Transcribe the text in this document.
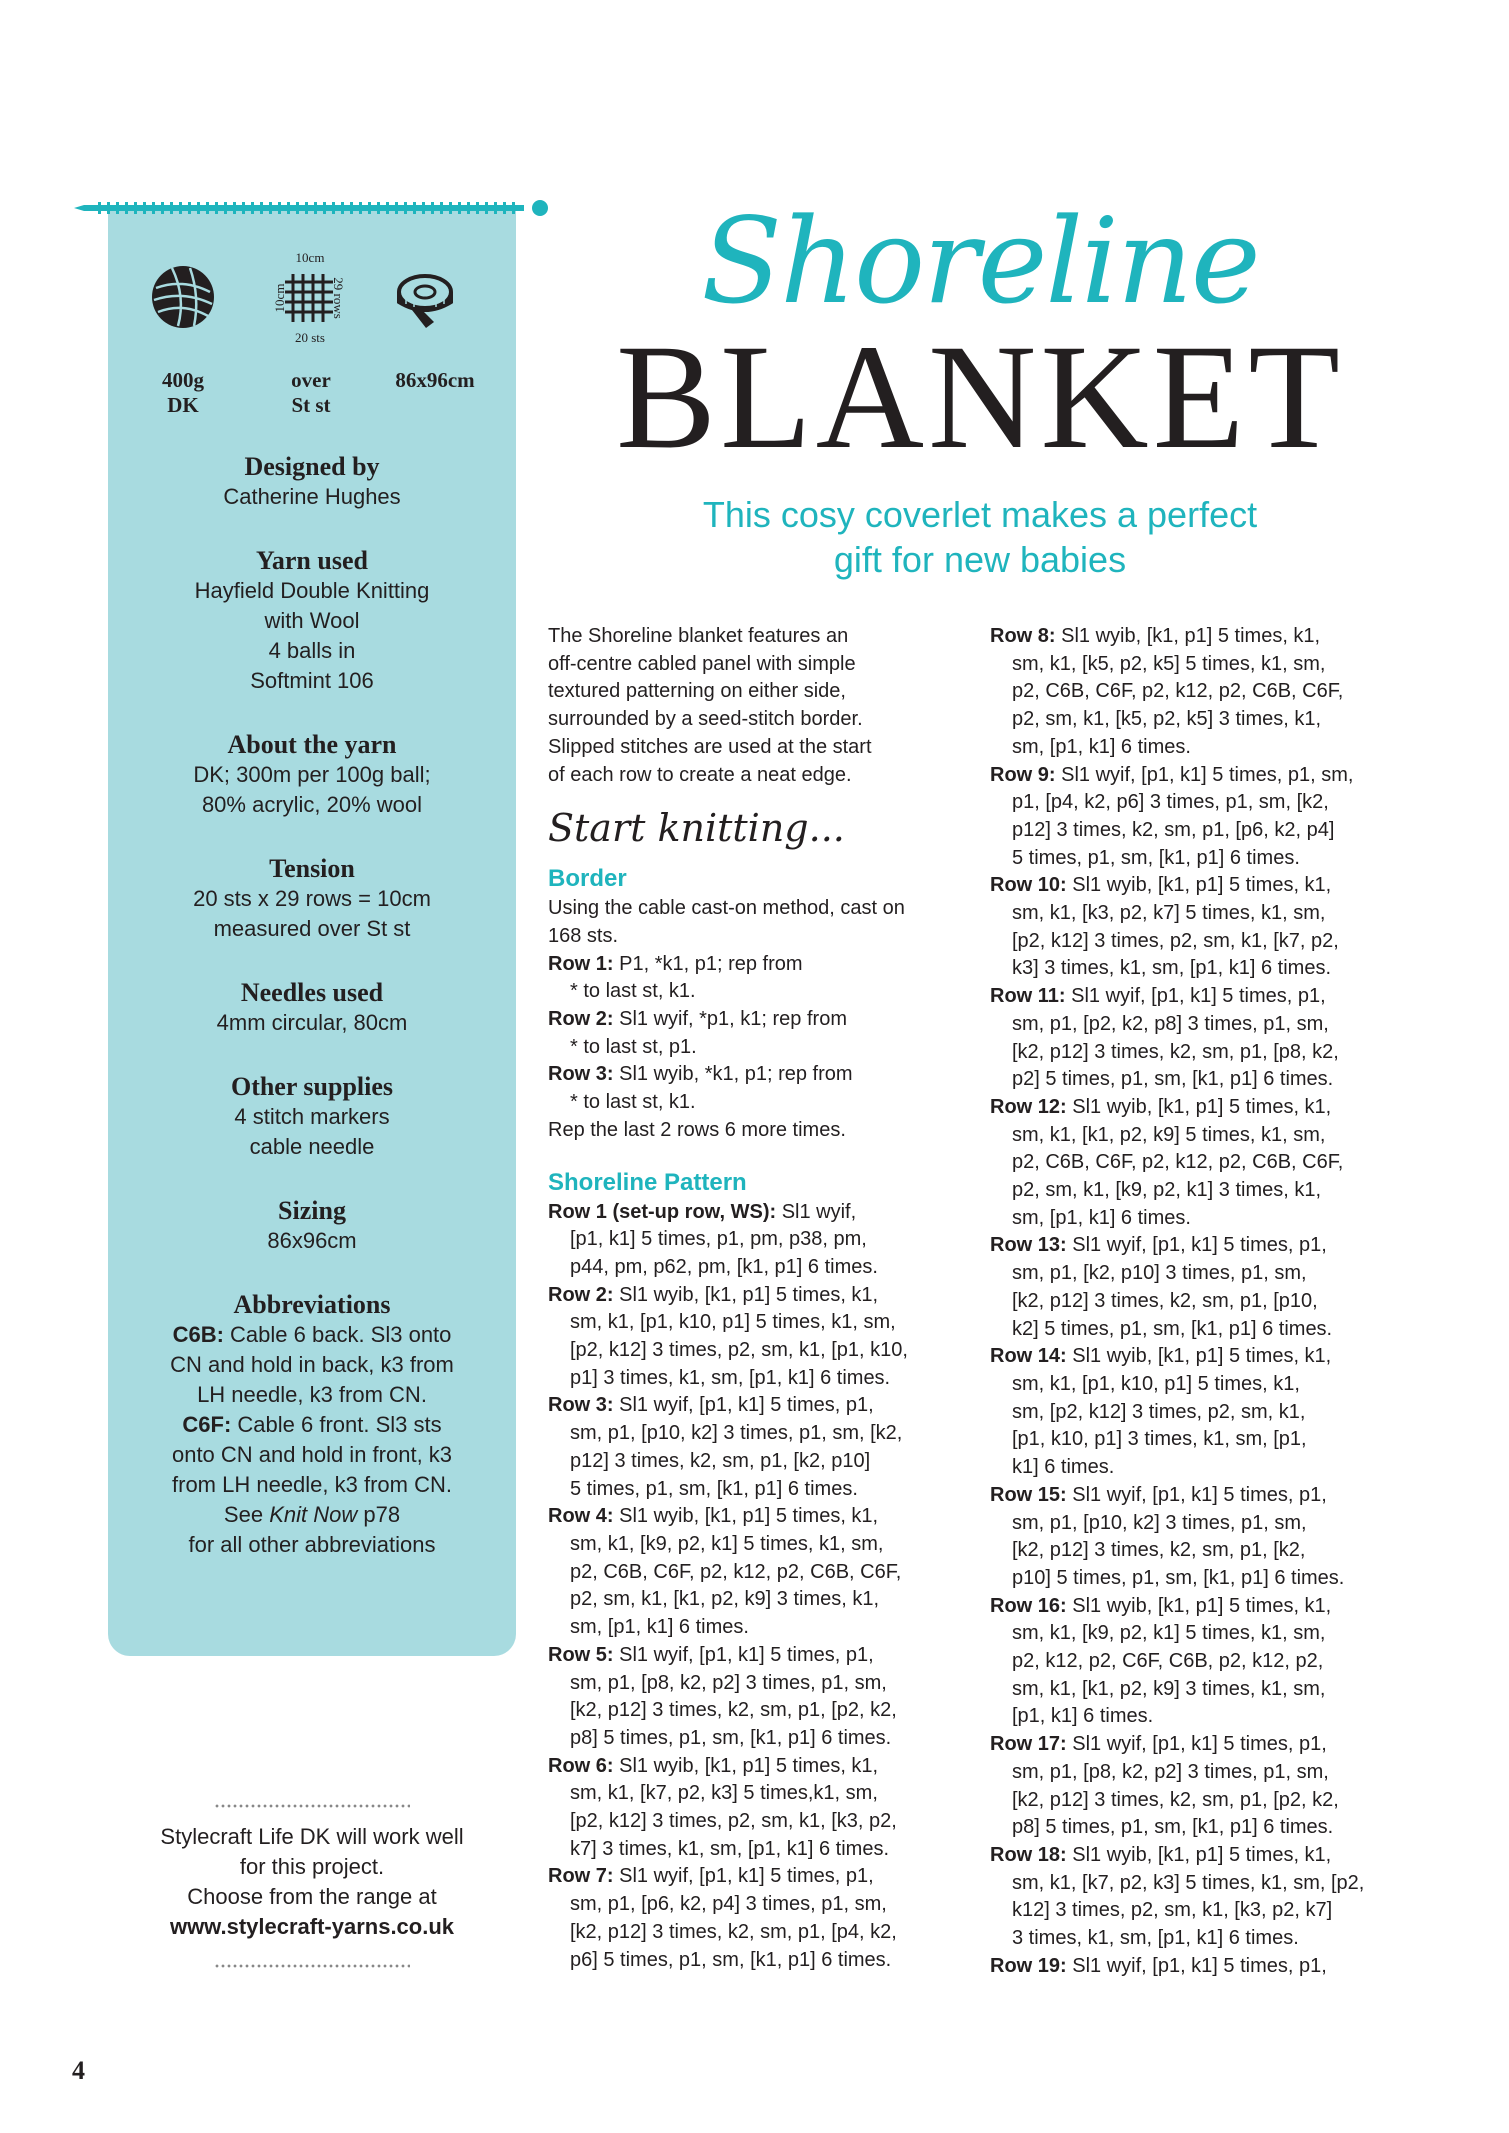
10cm
10cm	29 rows
20 sts
400g
DK
over
St st
86x96cm

Designed by

Catherine Hughes

Yarn used

Hayfield Double Knitting

with Wool

4 balls in

Softmint 106

About the yarn

DK; 300m per 100g ball;

80% acrylic, 20% wool

Tension

20 sts x 29 rows = 10cm

measured over St st

Needles used

4mm circular, 80cm

Other supplies

4 stitch markers

cable needle

Sizing

86x96cm

Abbreviations

C6B: Cable 6 back. Sl3 onto

CN and hold in back, k3 from

LH needle, k3 from CN.

C6F: Cable 6 front. Sl3 sts

onto CN and hold in front, k3

from LH needle, k3 from CN.

See Knit Now p78

for all other abbreviations

Shoreline
BLANKET
This cosy coverlet makes a perfect
gift for new babies

The Shoreline blanket features an

off-centre cabled panel with simple

textured patterning on either side,

surrounded by a seed-stitch border.

Slipped stitches are used at the start

of each row to create a neat edge.

Start knitting...

Border

Using the cable cast-on method, cast on

168 sts.

Row 1: P1, *k1, p1; rep from
* to last st, k1.
Row 2: Sl1 wyif, *p1, k1; rep from
* to last st, p1.
Row 3: Sl1 wyib, *k1, p1; rep from
* to last st, k1.

Rep the last 2 rows 6 more times.

Shoreline Pattern

Row 1 (set-up row, WS): Sl1 wyif,
[p1, k1] 5 times, p1, pm, p38, pm,
p44, pm, p62, pm, [k1, p1] 6 times.
Row 2: Sl1 wyib, [k1, p1] 5 times, k1,
sm, k1, [p1, k10, p1] 5 times, k1, sm,
[p2, k12] 3 times, p2, sm, k1, [p1, k10,
p1] 3 times, k1, sm, [p1, k1] 6 times.
Row 3: Sl1 wyif, [p1, k1] 5 times, p1,
sm, p1, [p10, k2] 3 times, p1, sm, [k2,
p12] 3 times, k2, sm, p1, [k2, p10]
5 times, p1, sm, [k1, p1] 6 times.
Row 4: Sl1 wyib, [k1, p1] 5 times, k1,
sm, k1, [k9, p2, k1] 5 times, k1, sm,
p2, C6B, C6F, p2, k12, p2, C6B, C6F,
p2, sm, k1, [k1, p2, k9] 3 times, k1,
sm, [p1, k1] 6 times.
Row 5: Sl1 wyif, [p1, k1] 5 times, p1,
sm, p1, [p8, k2, p2] 3 times, p1, sm,
[k2, p12] 3 times, k2, sm, p1, [p2, k2,
p8] 5 times, p1, sm, [k1, p1] 6 times.
Row 6: Sl1 wyib, [k1, p1] 5 times, k1,
sm, k1, [k7, p2, k3] 5 times,k1, sm,
[p2, k12] 3 times, p2, sm, k1, [k3, p2,
k7] 3 times, k1, sm, [p1, k1] 6 times.
Row 7: Sl1 wyif, [p1, k1] 5 times, p1,
sm, p1, [p6, k2, p4] 3 times, p1, sm,
[k2, p12] 3 times, k2, sm, p1, [p4, k2,
p6] 5 times, p1, sm, [k1, p1] 6 times.
Row 8: Sl1 wyib, [k1, p1] 5 times, k1,
sm, k1, [k5, p2, k5] 5 times, k1, sm,
p2, C6B, C6F, p2, k12, p2, C6B, C6F,
p2, sm, k1, [k5, p2, k5] 3 times, k1,
sm, [p1, k1] 6 times.
Row 9: Sl1 wyif, [p1, k1] 5 times, p1, sm,
p1, [p4, k2, p6] 3 times, p1, sm, [k2,
p12] 3 times, k2, sm, p1, [p6, k2, p4]
5 times, p1, sm, [k1, p1] 6 times.
Row 10: Sl1 wyib, [k1, p1] 5 times, k1,
sm, k1, [k3, p2, k7] 5 times, k1, sm,
[p2, k12] 3 times, p2, sm, k1, [k7, p2,
k3] 3 times, k1, sm, [p1, k1] 6 times.
Row 11: Sl1 wyif, [p1, k1] 5 times, p1,
sm, p1, [p2, k2, p8] 3 times, p1, sm,
[k2, p12] 3 times, k2, sm, p1, [p8, k2,
p2] 5 times, p1, sm, [k1, p1] 6 times.
Row 12: Sl1 wyib, [k1, p1] 5 times, k1,
sm, k1, [k1, p2, k9] 5 times, k1, sm,
p2, C6B, C6F, p2, k12, p2, C6B, C6F,
p2, sm, k1, [k9, p2, k1] 3 times, k1,
sm, [p1, k1] 6 times.
Row 13: Sl1 wyif, [p1, k1] 5 times, p1,
sm, p1, [k2, p10] 3 times, p1, sm,
[k2, p12] 3 times, k2, sm, p1, [p10,
k2] 5 times, p1, sm, [k1, p1] 6 times.
Row 14: Sl1 wyib, [k1, p1] 5 times, k1,
sm, k1, [p1, k10, p1] 5 times, k1,
sm, [p2, k12] 3 times, p2, sm, k1,
[p1, k10, p1] 3 times, k1, sm, [p1,
k1] 6 times.
Row 15: Sl1 wyif, [p1, k1] 5 times, p1,
sm, p1, [p10, k2] 3 times, p1, sm,
[k2, p12] 3 times, k2, sm, p1, [k2,
p10] 5 times, p1, sm, [k1, p1] 6 times.
Row 16: Sl1 wyib, [k1, p1] 5 times, k1,
sm, k1, [k9, p2, k1] 5 times, k1, sm,
p2, k12, p2, C6F, C6B, p2, k12, p2,
sm, k1, [k1, p2, k9] 3 times, k1, sm,
[p1, k1] 6 times.
Row 17: Sl1 wyif, [p1, k1] 5 times, p1,
sm, p1, [p8, k2, p2] 3 times, p1, sm,
[k2, p12] 3 times, k2, sm, p1, [p2, k2,
p8] 5 times, p1, sm, [k1, p1] 6 times.
Row 18: Sl1 wyib, [k1, p1] 5 times, k1,
sm, k1, [k7, p2, k3] 5 times, k1, sm, [p2,
k12] 3 times, p2, sm, k1, [k3, p2, k7]
3 times, k1, sm, [p1, k1] 6 times.
Row 19: Sl1 wyif, [p1, k1] 5 times, p1,
Stylecraft Life DK will work well
for this project.
Choose from the range at
www.stylecraft-yarns.co.uk
4
